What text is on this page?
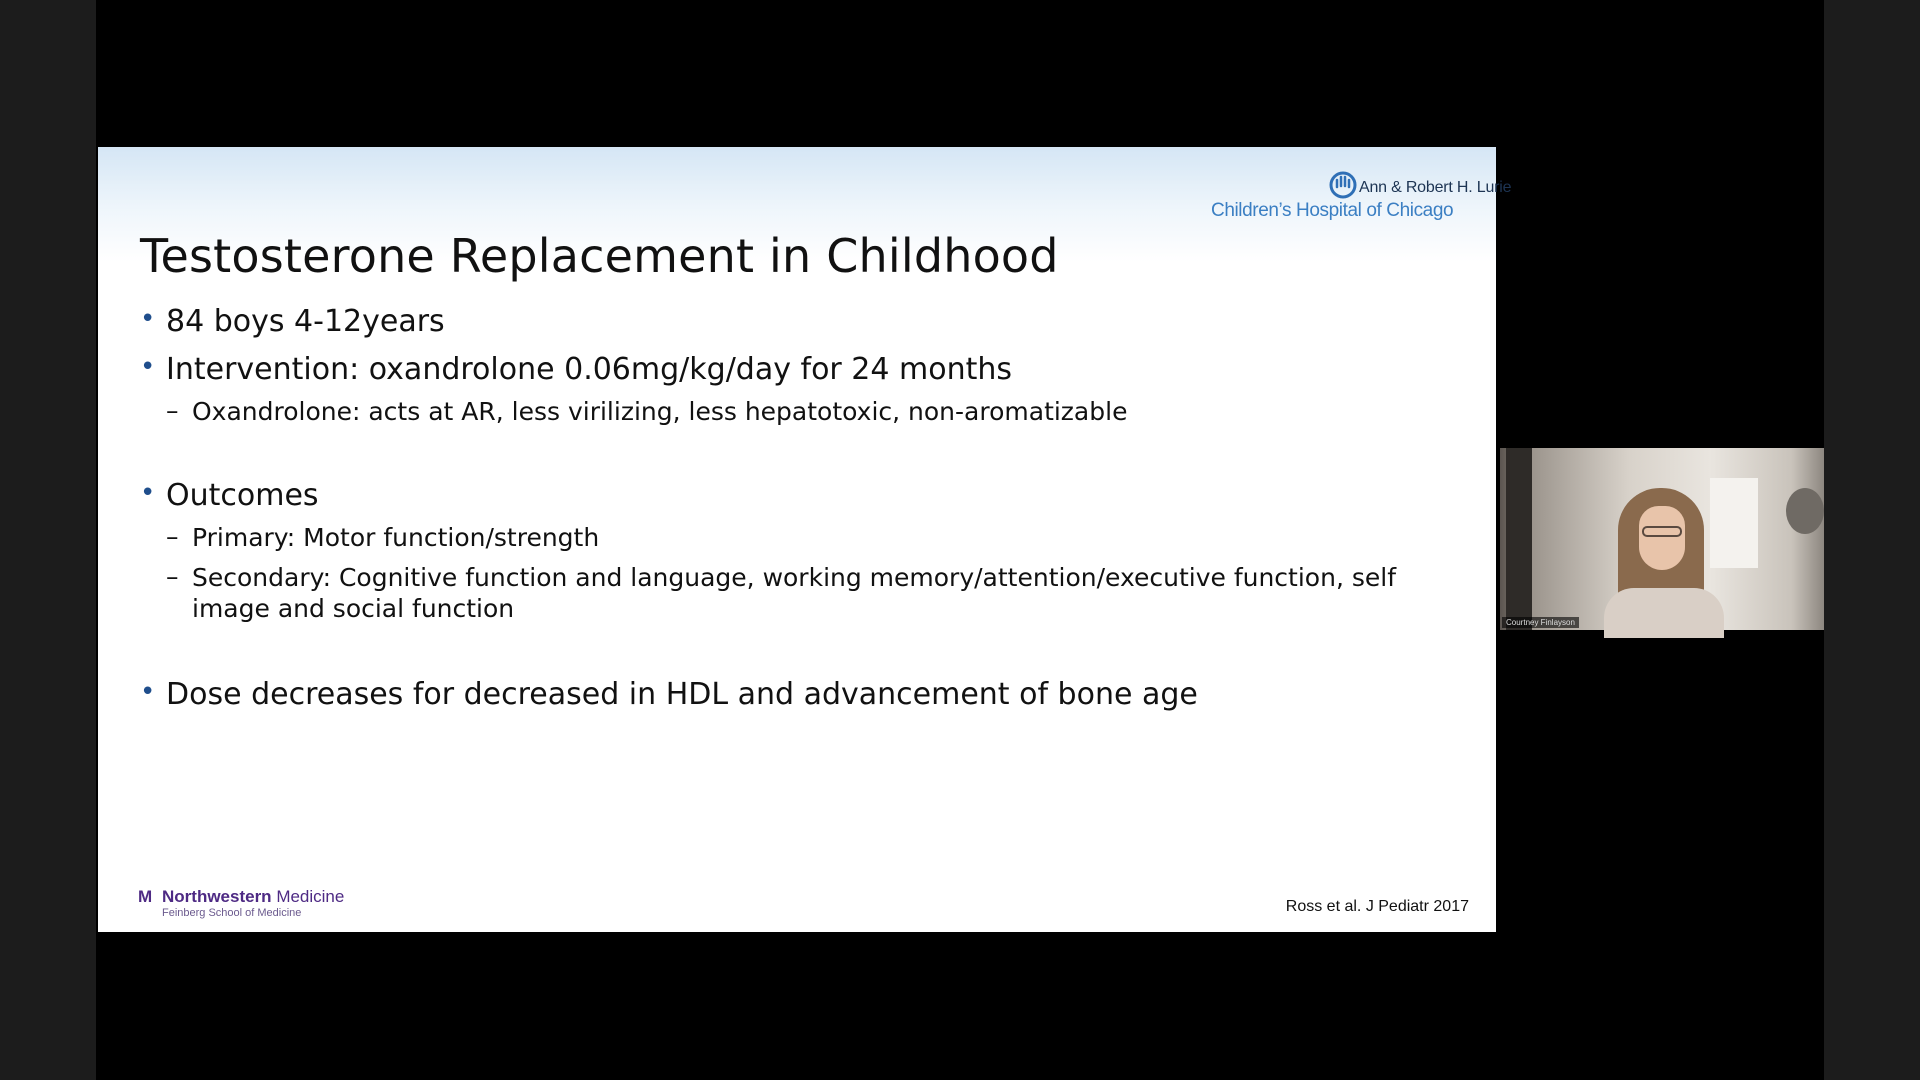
Ann & Robert H. Lurie
Children’s Hospital of Chicago
Testosterone Replacement in Childhood
• 84 boys 4-12years
• Intervention: oxandrolone 0.06mg/kg/day for 24 months
– Oxandrolone: acts at AR, less virilizing, less hepatotoxic, non-aromatizable
• Outcomes
– Primary: Motor function/strength
– Secondary: Cognitive function and language, working memory/attention/executive function, self image and social function
• Dose decreases for decreased in HDL and advancement of bone age
M Northwestern Medicine
Feinberg School of Medicine	Ross et al. J Pediatr 2017
Courtney Finlayson
